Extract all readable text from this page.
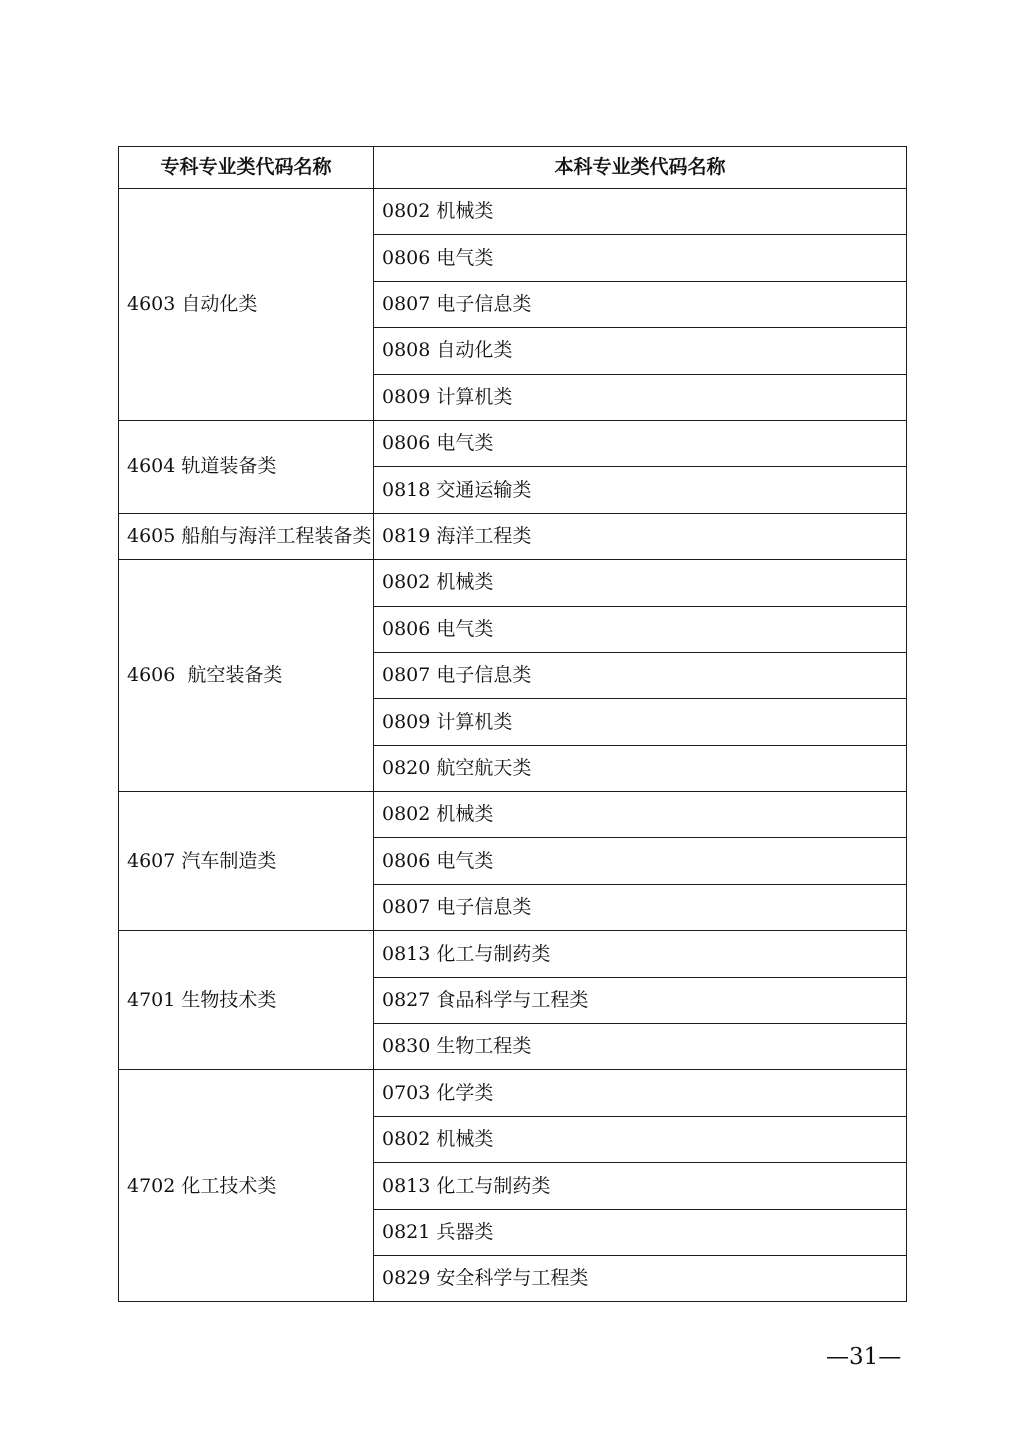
专科专业类代码名称	本科专业类代码名称
4603 自动化类	0802 机械类
	0806 电气类
	0807 电子信息类
	0808 自动化类
	0809 计算机类
4604 轨道装备类	0806 电气类
	0818 交通运输类
4605 船舶与海洋工程装备类	0819 海洋工程类
4606  航空装备类	0802 机械类
	0806 电气类
	0807 电子信息类
	0809 计算机类
	0820 航空航天类
4607 汽车制造类	0802 机械类
	0806 电气类
	0807 电子信息类
4701 生物技术类	0813 化工与制药类
	0827 食品科学与工程类
	0830 生物工程类
4702 化工技术类	0703 化学类
	0802 机械类
	0813 化工与制药类
	0821 兵器类
	0829 安全科学与工程类
—31—
